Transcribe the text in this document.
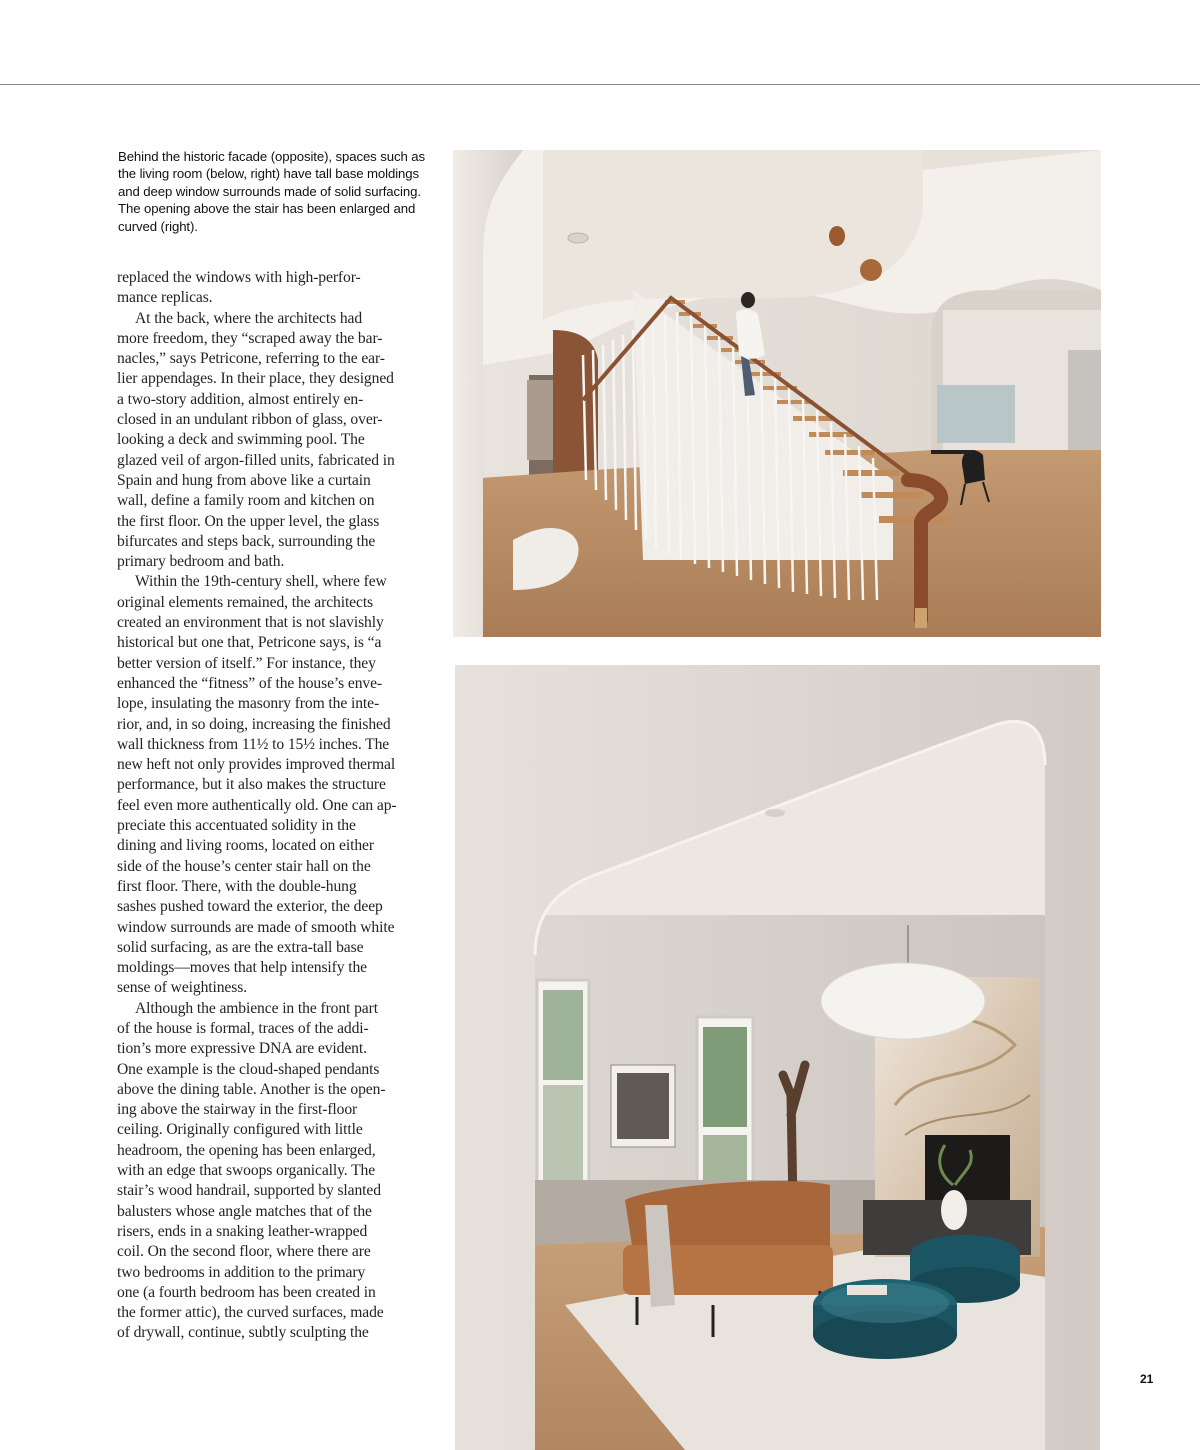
Behind the historic facade (opposite), spaces such as the living room (below, right) have tall base moldings and deep window surrounds made of solid surfacing. The opening above the stair has been enlarged and curved (right).
replaced the windows with high-perfor-
mance replicas.
At the back, where the architects had
more freedom, they “scraped away the bar-
nacles,” says Petricone, referring to the ear-
lier appendages. In their place, they designed
a two-story addition, almost entirely en-
closed in an undulant ribbon of glass, over-
looking a deck and swimming pool. The
glazed veil of argon-filled units, fabricated in
Spain and hung from above like a curtain
wall, define a family room and kitchen on
the first floor. On the upper level, the glass
bifurcates and steps back, surrounding the
primary bedroom and bath.
Within the 19th-century shell, where few
original elements remained, the architects
created an environment that is not slavishly
historical but one that, Petricone says, is “a
better version of itself.” For instance, they
enhanced the “fitness” of the house’s enve-
lope, insulating the masonry from the inte-
rior, and, in so doing, increasing the finished
wall thickness from 11½ to 15½ inches. The
new heft not only provides improved thermal
performance, but it also makes the structure
feel even more authentically old. One can ap-
preciate this accentuated solidity in the
dining and living rooms, located on either
side of the house’s center stair hall on the
first floor. There, with the double-hung
sashes pushed toward the exterior, the deep
window surrounds are made of smooth white
solid surfacing, as are the extra-tall base
moldings—moves that help intensify the
sense of weightiness.
Although the ambience in the front part
of the house is formal, traces of the addi-
tion’s more expressive DNA are evident.
One example is the cloud-shaped pendants
above the dining table. Another is the open-
ing above the stairway in the first-floor
ceiling. Originally configured with little
headroom, the opening has been enlarged,
with an edge that swoops organically. The
stair’s wood handrail, supported by slanted
balusters whose angle matches that of the
risers, ends in a snaking leather-wrapped
coil. On the second floor, where there are
two bedrooms in addition to the primary
one (a fourth bedroom has been created in
the former attic), the curved surfaces, made
of drywall, continue, subtly sculpting the
21
